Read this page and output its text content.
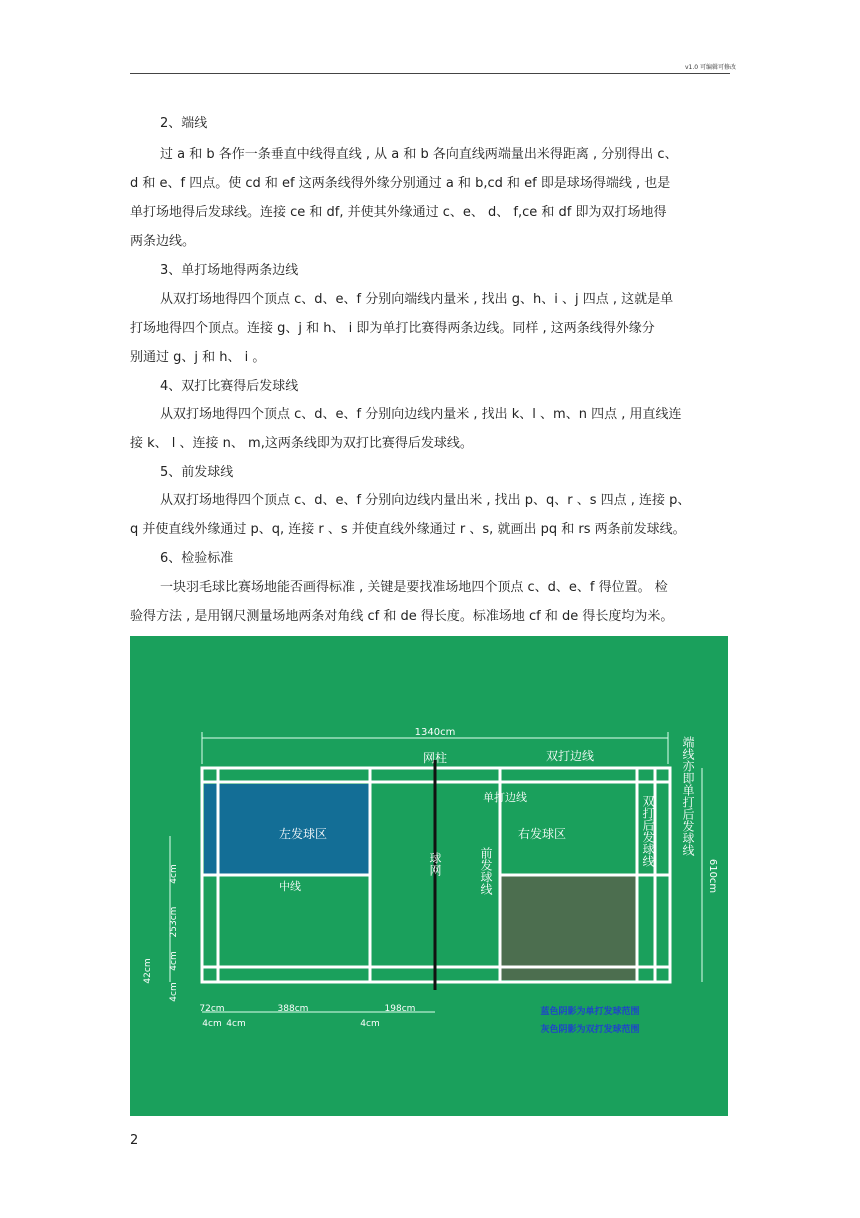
v1.0 可编辑可修改
2、端线
过 a 和 b 各作一条垂直中线得直线 , 从 a 和 b 各向直线两端量出米得距离 , 分别得出 c、
d 和 e、f 四点。使 cd 和 ef 这两条线得外缘分别通过 a 和 b,cd 和 ef 即是球场得端线 , 也是
单打场地得后发球线。连接 ce 和 df, 并使其外缘通过 c、e、 d、 f,ce 和 df 即为双打场地得
两条边线。
3、单打场地得两条边线
从双打场地得四个顶点 c、d、e、f 分别向端线内量米 , 找出 g、h、i 、j 四点 , 这就是单
打场地得四个顶点。连接 g、j 和 h、 i 即为单打比赛得两条边线。同样 , 这两条线得外缘分
别通过 g、j 和 h、 i 。
4、双打比赛得后发球线
从双打场地得四个顶点 c、d、e、f 分别向边线内量米 , 找出 k、l 、m、n 四点 , 用直线连
接 k、 l 、连接 n、 m,这两条线即为双打比赛得后发球线。
5、前发球线
从双打场地得四个顶点 c、d、e、f 分别向边线内量出米 , 找出 p、q、r 、s 四点 , 连接 p、
q 并使直线外缘通过 p、q, 连接 r 、s 并使直线外缘通过 r 、s, 就画出 pq 和 rs 两条前发球线。
6、检验标准
一块羽毛球比赛场地能否画得标准 , 关键是要找准场地四个顶点 c、d、e、f 得位置。 检
验得方法 , 是用钢尺测量场地两条对角线 cf 和 de 得长度。标准场地 cf 和 de 得长度均为米。
1340cm
网柱	双打边线
球网
单打边线
左发球区	右发球区
中线	前发球线
双打后发球线 端线亦即单打后发球线
610cm
42cm 4cm
253cm
4cm
4cm
72cm	388cm	198cm
4cm 4cm	4cm
蓝色阴影为单打发球范围
灰色阴影为双打发球范围
2
